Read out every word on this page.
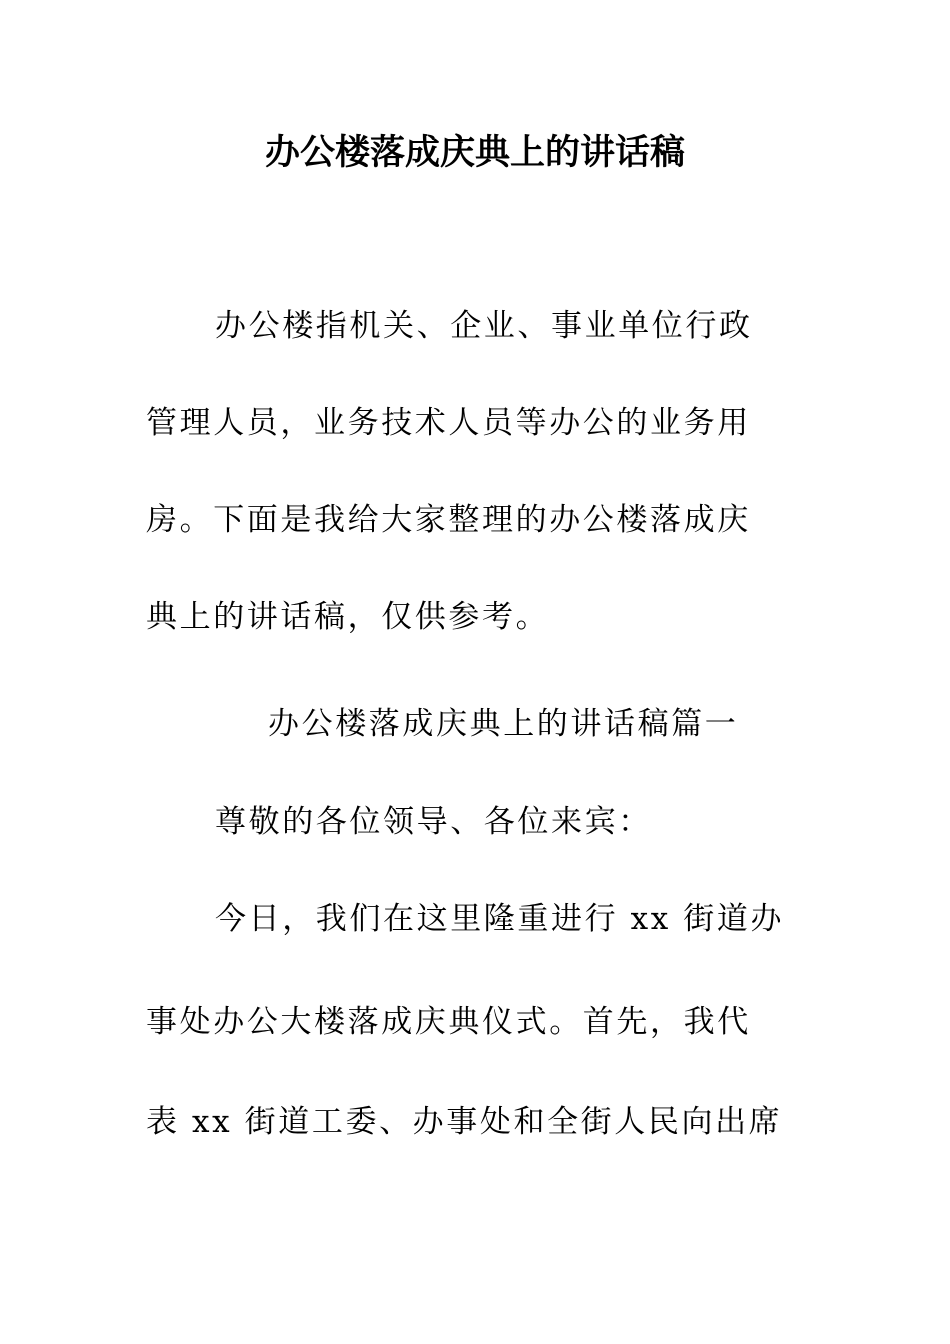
办公楼落成庆典上的讲话稿
办公楼指机关、企业、事业单位行政
管理人员，业务技术人员等办公的业务用
房。下面是我给大家整理的办公楼落成庆
典上的讲话稿，仅供参考。
办公楼落成庆典上的讲话稿篇一
尊敬的各位领导、各位来宾：
今日，我们在这里隆重进行 xx 街道办
事处办公大楼落成庆典仪式。首先，我代
表 xx 街道工委、办事处和全街人民向出席
